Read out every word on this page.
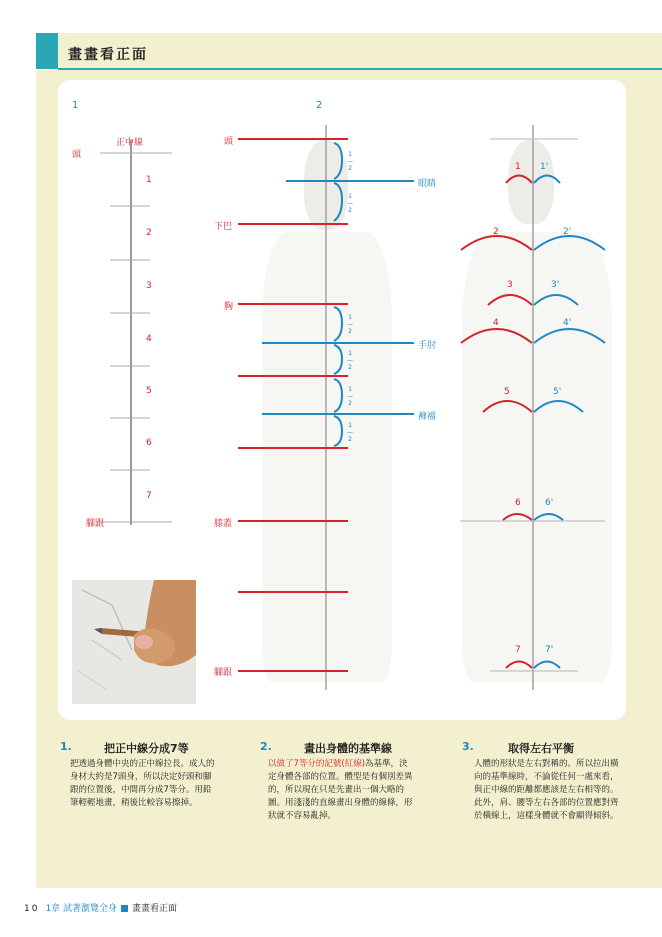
畫畫看正面
1	2
頭
正中線
1
2
3
4
5
6
7
腳跟
頭
下巴
胸
膝蓋
腳跟
眼睛
手肘
褲襠
1
—
2
1
—
2
1
—
2
1
—
2
1
—
2
1
—
2
1 1'
2	2'
3	3'
4	4'
5	5'
6	6'
7	7'
1.	把正中線分成7等
把透過身體中央的正中線拉長。成人的身材大約是7頭身，所以決定好頭和腳跟的位置後，中間再分成7等分。用鉛筆輕輕地畫，稍後比較容易擦掉。
2.	畫出身體的基準線
以做了7等分的記號(紅線)為基準，決定身體各部的位置。體型是有個別差異的，所以現在只是先畫出一個大略的圖。用淺淺的直線畫出身體的線條，形狀就不容易亂掉。
3.	取得左右平衡
人體的形狀是左右對稱的。所以拉出橫向的基準線時，不論從任何一處來看，與正中線的距離都應該是左右相等的。此外，肩、腰等左右各部的位置應對齊於橫線上，這樣身體就不會顯得傾斜。
10 1章 試著瀏覽全身 畫畫看正面
